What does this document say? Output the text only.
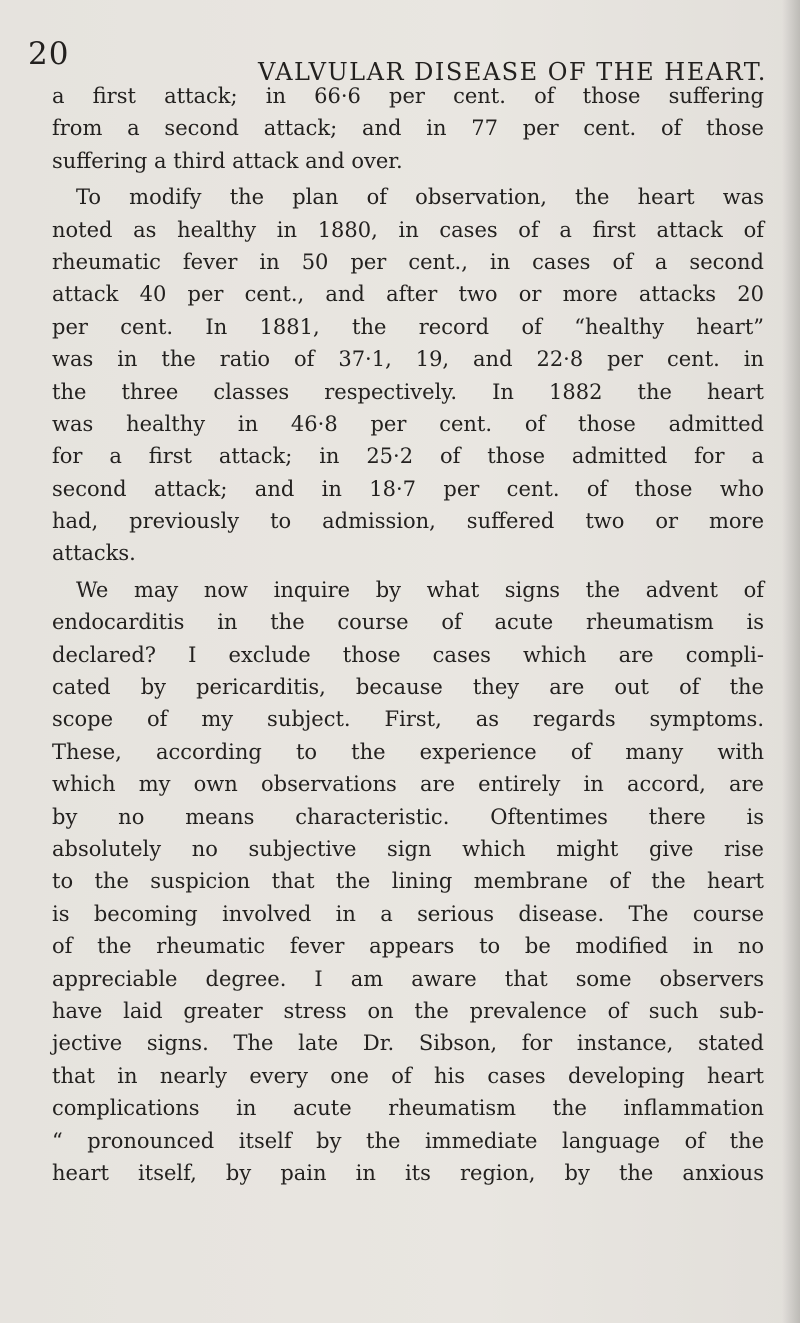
20	VALVULAR DISEASE OF THE HEART.
a first attack; in 66·6 per cent. of those suffering
from a second attack; and in 77 per cent. of those
suffering a third attack and over.
To modify the plan of observation, the heart was
noted as healthy in 1880, in cases of a first attack of
rheumatic fever in 50 per cent., in cases of a second
attack 40 per cent., and after two or more attacks 20
per cent. In 1881, the record of “healthy heart”
was in the ratio of 37·1, 19, and 22·8 per cent. in
the three classes respectively. In 1882 the heart
was healthy in 46·8 per cent. of those admitted
for a first attack; in 25·2 of those admitted for a
second attack; and in 18·7 per cent. of those who
had, previously to admission, suffered two or more
attacks.
We may now inquire by what signs the advent of
endocarditis in the course of acute rheumatism is
declared? I exclude those cases which are compli-
cated by pericarditis, because they are out of the
scope of my subject. First, as regards symptoms.
These, according to the experience of many with
which my own observations are entirely in accord, are
by no means characteristic. Oftentimes there is
absolutely no subjective sign which might give rise
to the suspicion that the lining membrane of the heart
is becoming involved in a serious disease. The course
of the rheumatic fever appears to be modified in no
appreciable degree. I am aware that some observers
have laid greater stress on the prevalence of such sub-
jective signs. The late Dr. Sibson, for instance, stated
that in nearly every one of his cases developing heart
complications in acute rheumatism the inflammation
“ pronounced itself by the immediate language of the
heart itself, by pain in its region, by the anxious
